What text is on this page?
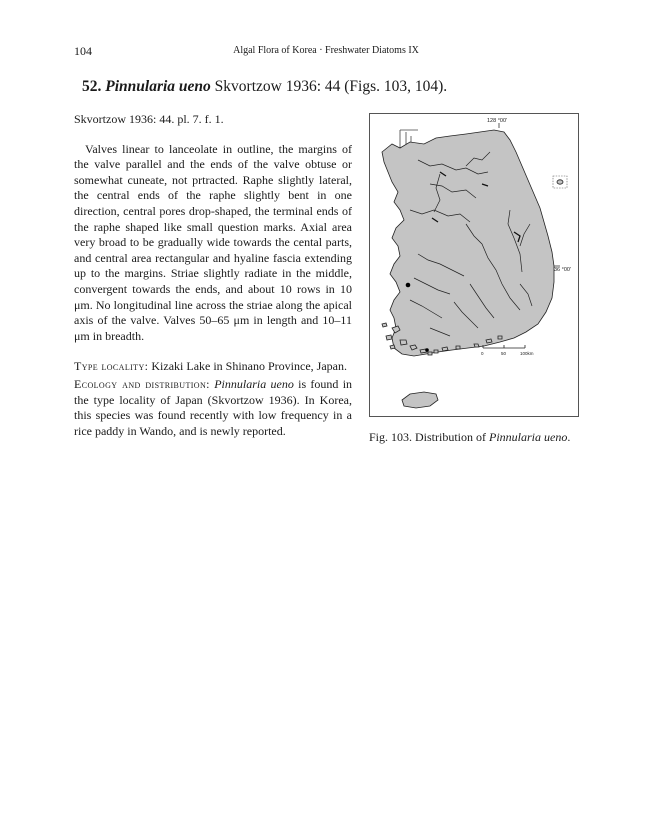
104	Algal Flora of Korea · Freshwater Diatoms IX
52. Pinnularia ueno Skvortzow 1936: 44 (Figs. 103, 104).

Skvortzow 1936: 44. pl. 7. f. 1.

Valves linear to lanceolate in outline, the margins of the valve parallel and the ends of the valve obtuse or somewhat cuneate, not prtracted. Raphe slightly lateral, the central ends of the raphe slightly bent in one direction, central pores drop-shaped, the terminal ends of the raphe shaped like small question marks. Axial area very broad to be gradually wide towards the cental parts, and central area rectangular and hyaline fascia extending up to the margins. Striae slightly radiate in the middle, convergent towards the ends, and about 10 rows in 10 μm. No longitudinal line across the striae along the apical axis of the valve. Valves 50–65 μm in length and 10–11 μm in breadth.

Type locality: Kizaki Lake in Shinano Province, Japan.

Ecology and distribution: Pinnularia ueno is found in the type locality of Japan (Skvortzow 1936). In Korea, this species was found recently with low frequency in a rice paddy in Wando, and is newly reported.

128 °00'
36 °00'
0	50	100km
Fig. 103. Distribution of Pinnularia ueno.
